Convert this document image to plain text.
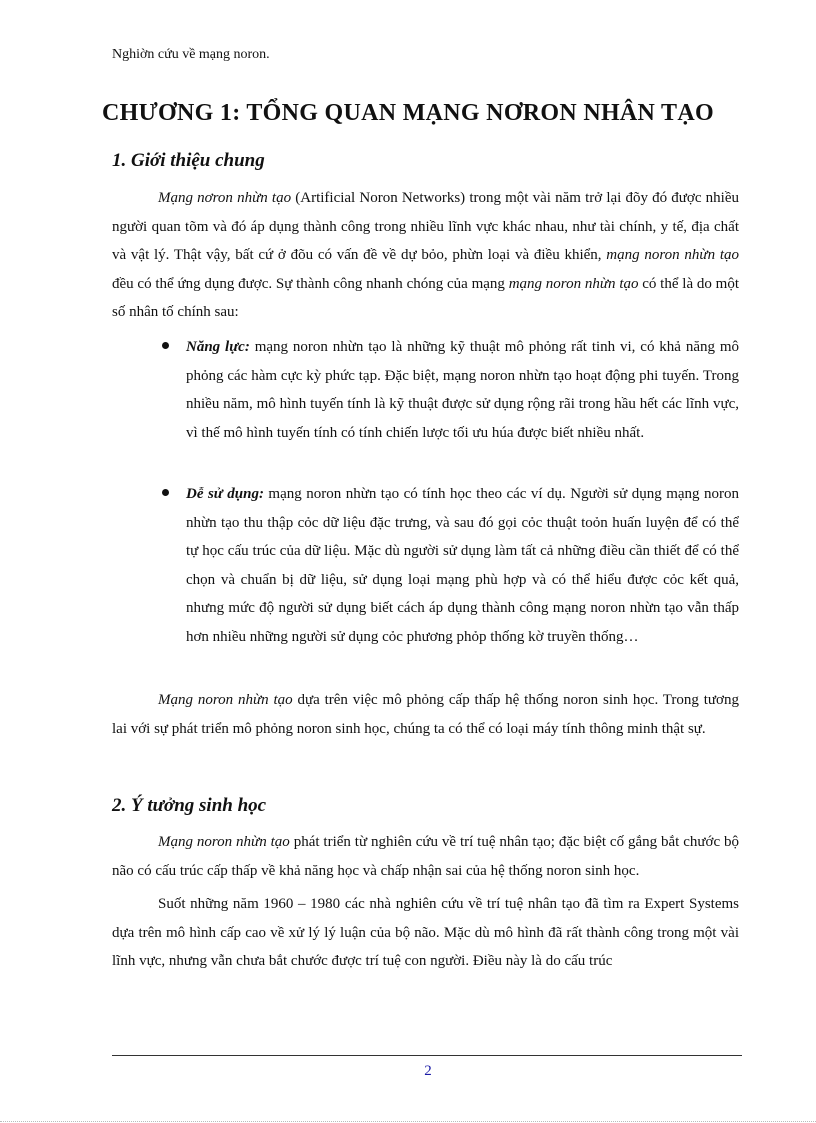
Nghiờn cứu về mạng noron.
CHƯƠNG 1: TỔNG QUAN MẠNG NƠRON NHÂN TẠO
1. Giới thiệu chung

Mạng nơron nhừn tạo (Artificial Noron Networks) trong một vài năm trở lại đõy đó được nhiều người quan tõm và đó áp dụng thành công trong nhiều lĩnh vực khác nhau, như tài chính, y tế, địa chất và vật lý. Thật vậy, bất cứ ở đõu có vấn đề về dự bỏo, phừn loại và điều khiển, mạng noron nhừn tạo đều có thể ứng dụng được. Sự thành công nhanh chóng của mạng mạng noron nhừn tạo có thể là do một số nhân tố chính sau:

Năng lực: mạng noron nhừn tạo là những kỹ thuật mô phỏng rất tinh vi, có khả năng mô phỏng các hàm cực kỳ phức tạp. Đặc biệt, mạng noron nhừn tạo hoạt động phi tuyến. Trong nhiều năm, mô hình tuyến tính là kỹ thuật được sử dụng rộng rãi trong hầu hết các lĩnh vực, vì thế mô hình tuyến tính có tính chiến lược tối ưu húa được biết nhiều nhất.

Dễ sử dụng: mạng noron nhừn tạo có tính học theo các ví dụ. Người sử dụng mạng noron nhừn tạo thu thập cỏc dữ liệu đặc trưng, và sau đó gọi cỏc thuật toỏn huấn luyện để có thể tự học cấu trúc của dữ liệu. Mặc dù người sử dụng làm tất cả những điều cần thiết để có thể chọn và chuẩn bị dữ liệu, sử dụng loại mạng phù hợp và có thể hiểu được cỏc kết quả, nhưng mức độ người sử dụng biết cách áp dụng thành công mạng noron nhừn tạo vẫn thấp hơn nhiều những người sử dụng cỏc phương phỏp thống kờ truyền thống…

Mạng noron nhừn tạo dựa trên việc mô phỏng cấp thấp hệ thống noron sinh học. Trong tương lai với sự phát triển mô phỏng noron sinh học, chúng ta có thể có loại máy tính thông minh thật sự.

2. Ý tưởng sinh học

Mạng noron nhừn tạo phát triển từ nghiên cứu về trí tuệ nhân tạo; đặc biệt cố gắng bắt chước bộ não có cấu trúc cấp thấp về khả năng học và chấp nhận sai của hệ thống noron sinh học.

Suốt những năm 1960 – 1980 các nhà nghiên cứu về trí tuệ nhân tạo đã tìm ra Expert Systems dựa trên mô hình cấp cao về xử lý lý luận của bộ não. Mặc dù mô hình đã rất thành công trong một vài lĩnh vực, nhưng vẫn chưa bắt chước được trí tuệ con người. Điều này là do cấu trúc

2
